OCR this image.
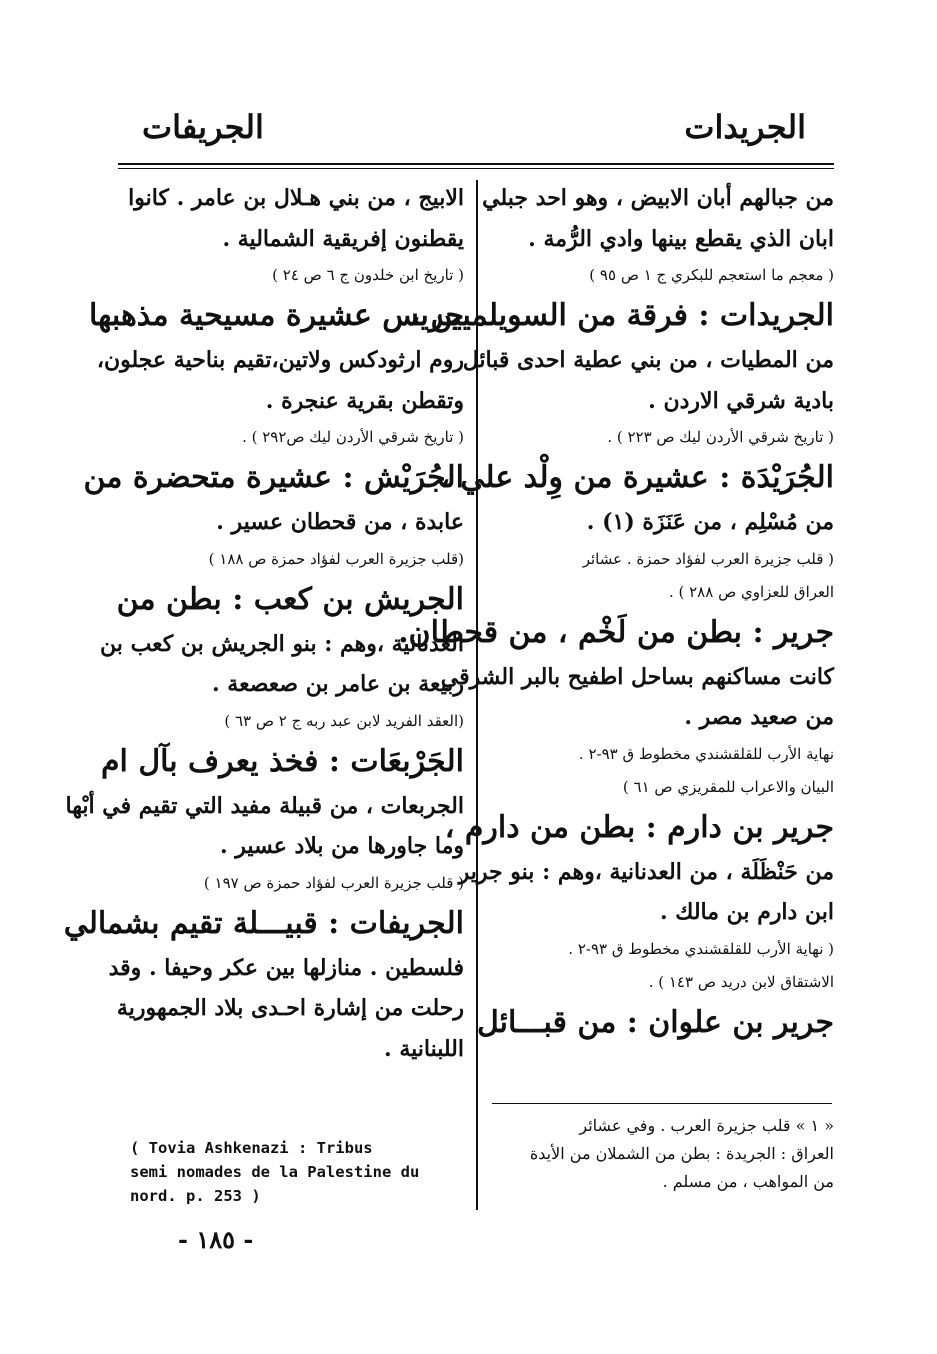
الجريدات
الجريفات
من جبالهم أبان الابيض ، وهو احد جبلي
ابان الذي يقطع بينها وادي الرُّمة .
( معجم ما استعجم للبكري ج ١ ص ٩٥ )
الجريدات : فرقة من السويلميين ،
من المطيات ، من بني عطية احدى قبائل
بادية شرقي الاردن .
( تاريخ شرقي الأردن ليك ص ٢٢٣ ) .
الجُرَيْدَة : عشيرة من وِلْد علي ،
من مُسْلِم ، من عَنَزَة (١) .
( قلب جزيرة العرب لفؤاد حمزة . عشائر
العراق للعزاوي ص ٢٨٨ ) .
جرير : بطن من لَخْم ، من قحطان.
كانت مساكنهم بساحل اطفيح بالبر الشرقي
من صعيد مصر .
نهاية الأرب للقلقشندي مخطوط ق ٩٣-٢ .
البيان والاعراب للمقريزي ص ٦١ )
جرير بن دارم : بطن من دارم ،
من حَنْظَلَة ، من العدنانية ،وهم : بنو جرير
ابن دارم بن مالك .
( نهاية الأرب للقلقشندي مخطوط ق ٩٣-٢ .
الاشتقاق لابن دريد ص ١٤٣ ) .
جرير بن علوان : من قبـــائل
الابيج ، من بني هـلال بن عامر . كانوا
يقطنون إفريقية الشمالية .
( تاريخ ابن خلدون ج ٦ ص ٢٤ )
جريس عشيرة مسيحية مذهبها
روم ارثودكس ولاتين،تقيم بناحية عجلون،
وتقطن بقرية عنجرة .
( تاريخ شرقي الأردن ليك ص٢٩٢ ) .
الجُرَيْش : عشيرة متحضرة من
عابدة ، من قحطان عسير .
(قلب جزيرة العرب لفؤاد حمزة ص ١٨٨ )
الجريش بن كعب : بطن من
العدنانية ،وهم : بنو الجريش بن كعب بن
ربيعة بن عامر بن صعصعة .
(العقد الفريد لابن عبد ربه ج ٢ ص ٦٣ )
الجَرْبعَات : فخذ يعرف بآل ام
الجربعات ، من قبيلة مفيد التي تقيم في أبْها
وما جاورها من بلاد عسير .
( قلب جزيرة العرب لفؤاد حمزة ص ١٩٧ )
الجريفات : قبيـــلة تقيم بشمالي
فلسطين . منازلها بين عكر وحيفا . وقد
رحلت من إشارة احـدى بلاد الجمهورية
اللبنانية .
« ١ » قلب جزيرة العرب . وفي عشائر
العراق : الجريدة : بطن من الشملان من الأيدة
من المواهب ، من مسلم .
( Tovia Ashkenazi : Tribus
semi nomades de la Palestine du
nord. p. 253 )
- ١٨٥ -
